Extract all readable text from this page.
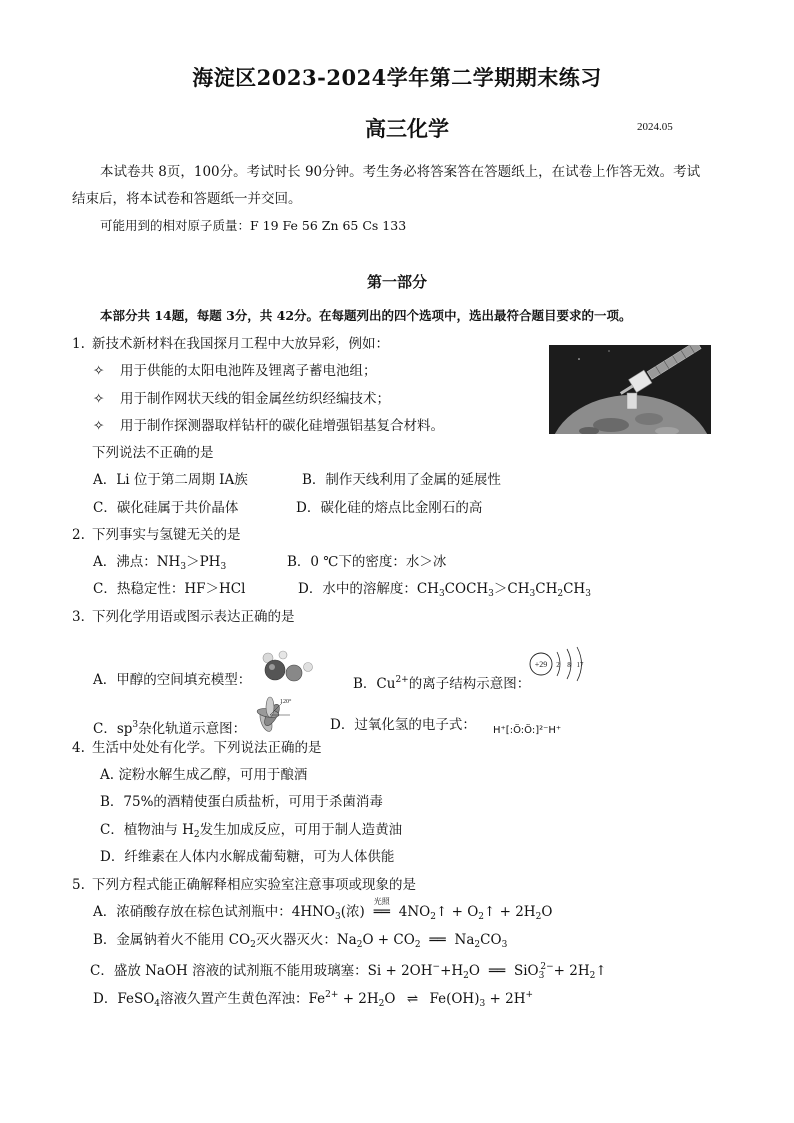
海淀区2023-2024学年第二学期期末练习
高三化学	2024.05
本试卷共 8页，100分。考试时长 90分钟。考生务必将答案答在答题纸上，在试卷上作答无效。考试
结束后，将本试卷和答题纸一并交回。
可能用到的相对原子质量：F 19 Fe 56 Zn 65 Cs 133
第一部分
本部分共 14题，每题 3分，共 42分。在每题列出的四个选项中，选出最符合题目要求的一项。
1. 新技术新材料在我国探月工程中大放异彩，例如：
✧ 用于供能的太阳电池阵及锂离子蓄电池组；
✧ 用于制作网状天线的钼金属丝纺织经编技术；
✧ 用于制作探测器取样钻杆的碳化硅增强铝基复合材料。
下列说法不正确的是
A．Li 位于第二周期 IA族	B．制作天线利用了金属的延展性
C．碳化硅属于共价晶体	D．碳化硅的熔点比金刚石的高
2. 下列事实与氢键无关的是
A．沸点：$NH_3>PH_3$	B．0 ℃下的密度：水＞冰
C．热稳定性：HF＞HCl	D．水中的溶解度：$CH_3COCH_3>CH_3CH_2CH_3$
3．
下列化学用语或图示表达正确的是
A．甲醇的空间填充模型：	B．$Cu^{2+}$的离子结构示意图：
+29 2 8 17
C．$sp^3$杂化轨道示意图：
120°
D．过氧化氢的电子式： H⁺[:Ö:Ö:]²⁻H⁺
4. 生活中处处有化学。下列说法正确的是
A. 淀粉水解生成乙醇，可用于酿酒
B．75%的酒精使蛋白质盐析，可用于杀菌消毒
C．植物油与 $H_2$发生加成反应，可用于制人造黄油
D．纤维素在人体内水解成葡萄糖，可为人体供能
5. 下列方程式能正确解释相应实验室注意事项或现象的是
A．浓硝酸存放在棕色试剂瓶中：$4HNO_3$(浓)
光照
══ $4NO_2↑$ + $O_2↑ + 2H_2O$
B．金属钠着火不能用 $CO_2$灭火器灭火：$Na_2O + CO_2$ ══ $Na_2CO_3$
C．盛放 NaOH 溶液的试剂瓶不能用玻璃塞：$Si + 2OH^-+H_2O$ ══ $SiO_3^{2-}+ 2H_2↑$
D．FeSO$_4$溶液久置产生黄色浑浊：$Fe^{2+} + 2H_2O$ ⇌ $Fe(OH)_3 + 2H^+$
